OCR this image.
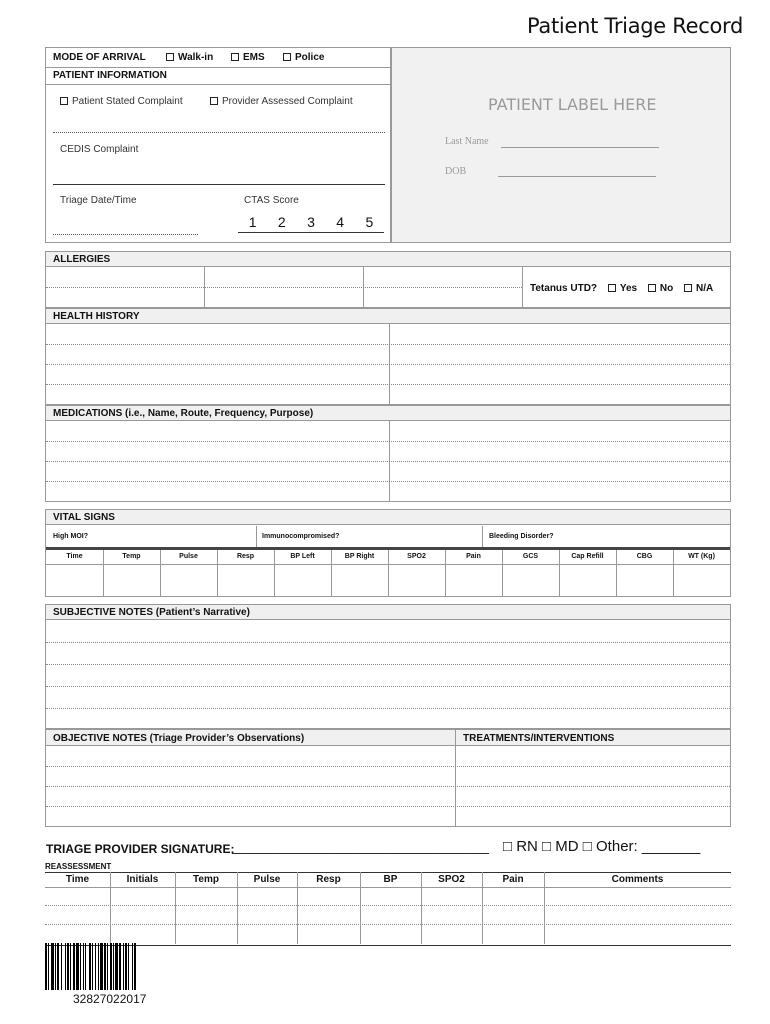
Patient Triage Record
MODE OF ARRIVAL	Walk-in	EMS	Police
PATIENT INFORMATION
Patient Stated Complaint	Provider Assessed Complaint
CEDIS Complaint
Triage Date/Time	CTAS Score
1 2 3 4 5
PATIENT LABEL HERE
Last Name
DOB
ALLERGIES
Tetanus UTD? Yes No N/A
HEALTH HISTORY
MEDICATIONS (i.e., Name, Route, Frequency, Purpose)
VITAL SIGNS
High MOI?	Immunocompromised?	Bleeding Disorder?
Time	Temp	Pulse	Resp	BP Left	BP Right	SPO2	Pain	GCS	Cap Refill	CBG	WT (Kg)
SUBJECTIVE NOTES (Patient’s Narrative)
OBJECTIVE NOTES (Triage Provider’s Observations)	TREATMENTS/INTERVENTIONS
TRIAGE PROVIDER SIGNATURE:
_________________________________ □ RN □ MD □ Other: _______
REASSESSMENT
Time	Initials	Temp	Pulse	Resp	BP	SPO2	Pain	Comments
32827022017
